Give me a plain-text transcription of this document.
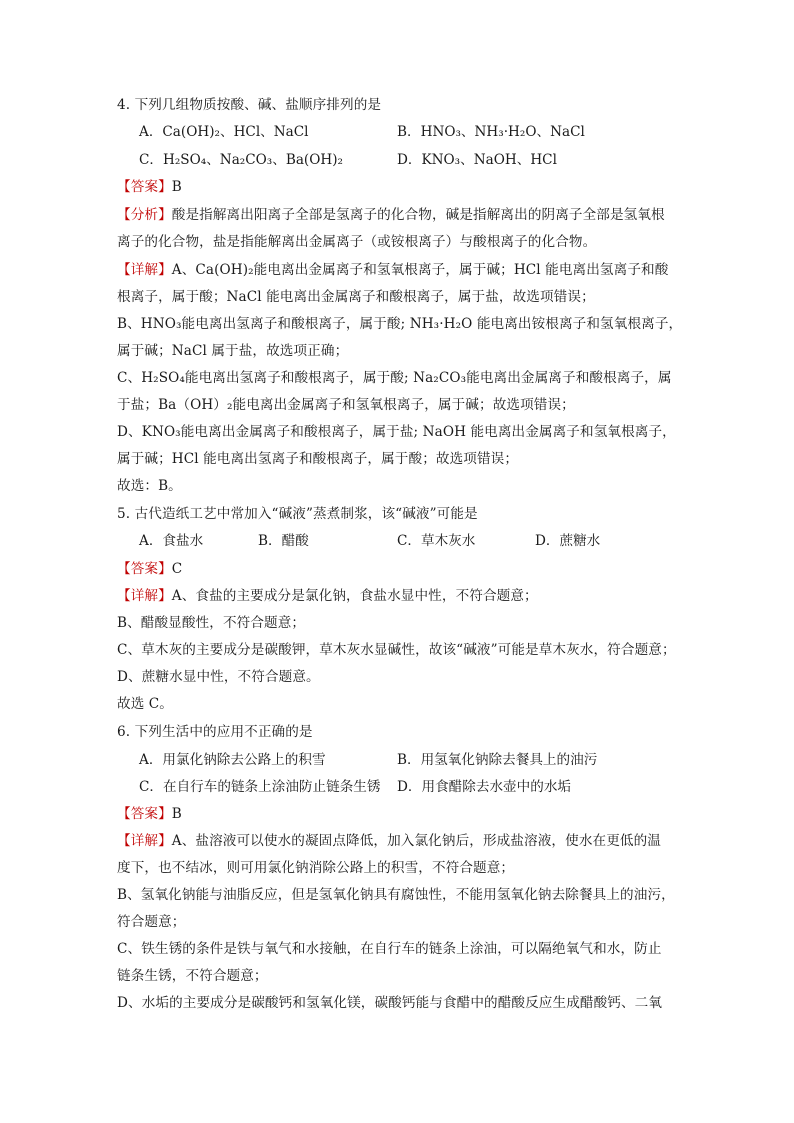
4. 下列几组物质按酸、碱、盐顺序排列的是
A．Ca(OH)₂、HCl、NaCl	B．HNO₃、NH₃·H₂O、NaCl
C．H₂SO₄、Na₂CO₃、Ba(OH)₂	D．KNO₃、NaOH、HCl
【答案】B
【分析】酸是指解离出阳离子全部是氢离子的化合物，碱是指解离出的阴离子全部是氢氧根
离子的化合物，盐是指能解离出金属离子（或铵根离子）与酸根离子的化合物。
【详解】A、Ca(OH)₂能电离出金属离子和氢氧根离子，属于碱；HCl 能电离出氢离子和酸
根离子，属于酸；NaCl 能电离出金属离子和酸根离子，属于盐，故选项错误；
B、HNO₃能电离出氢离子和酸根离子，属于酸; NH₃·H₂O 能电离出铵根离子和氢氧根离子，
属于碱；NaCl 属于盐，故选项正确；
C、H₂SO₄能电离出氢离子和酸根离子，属于酸; Na₂CO₃能电离出金属离子和酸根离子，属
于盐；Ba（OH）₂能电离出金属离子和氢氧根离子，属于碱；故选项错误；
D、KNO₃能电离出金属离子和酸根离子，属于盐; NaOH 能电离出金属离子和氢氧根离子，
属于碱；HCl 能电离出氢离子和酸根离子，属于酸；故选项错误；
故选：B。
5. 古代造纸工艺中常加入“碱液”蒸煮制浆，该“碱液”可能是
A．食盐水	B．醋酸	C．草木灰水	D．蔗糖水
【答案】C
【详解】A、食盐的主要成分是氯化钠，食盐水显中性，不符合题意；
B、醋酸显酸性，不符合题意；
C、草木灰的主要成分是碳酸钾，草木灰水显碱性，故该“碱液”可能是草木灰水，符合题意；
D、蔗糖水显中性，不符合题意。
故选 C。
6. 下列生活中的应用不正确的是
A．用氯化钠除去公路上的积雪	B．用氢氧化钠除去餐具上的油污
C．在自行车的链条上涂油防止链条生锈 D．用食醋除去水壶中的水垢
【答案】B
【详解】A、盐溶液可以使水的凝固点降低，加入氯化钠后，形成盐溶液，使水在更低的温
度下，也不结冰，则可用氯化钠消除公路上的积雪，不符合题意；
B、氢氧化钠能与油脂反应，但是氢氧化钠具有腐蚀性，不能用氢氧化钠去除餐具上的油污，
符合题意；
C、铁生锈的条件是铁与氧气和水接触，在自行车的链条上涂油，可以隔绝氧气和水，防止
链条生锈，不符合题意；
D、水垢的主要成分是碳酸钙和氢氧化镁，碳酸钙能与食醋中的醋酸反应生成醋酸钙、二氧
